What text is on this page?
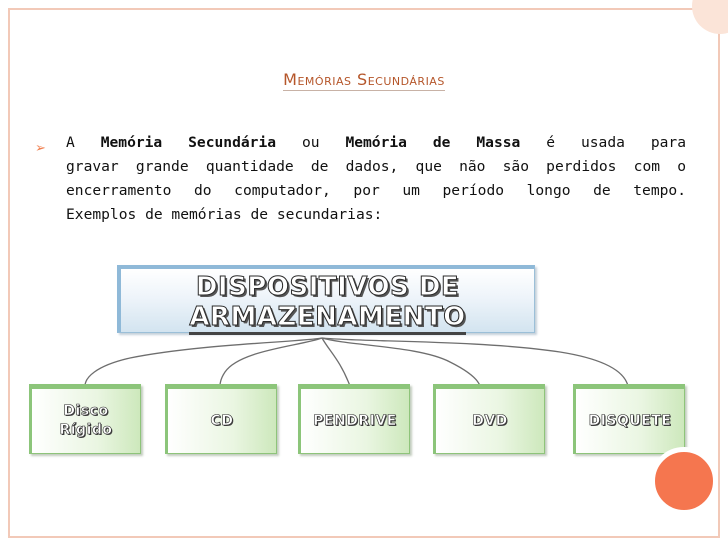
Memórias Secundárias
➢ A Memória Secundária ou Memória de Massa é usada para
gravar grande quantidade de dados, que não são perdidos com o
encerramento do computador, por um período longo de tempo.
Exemplos de memórias de secundarias:
DISPOSITIVOS DE
ARMAZENAMENTO
Disco
Rígido
CD	PENDRIVE	DVD	DISQUETE
